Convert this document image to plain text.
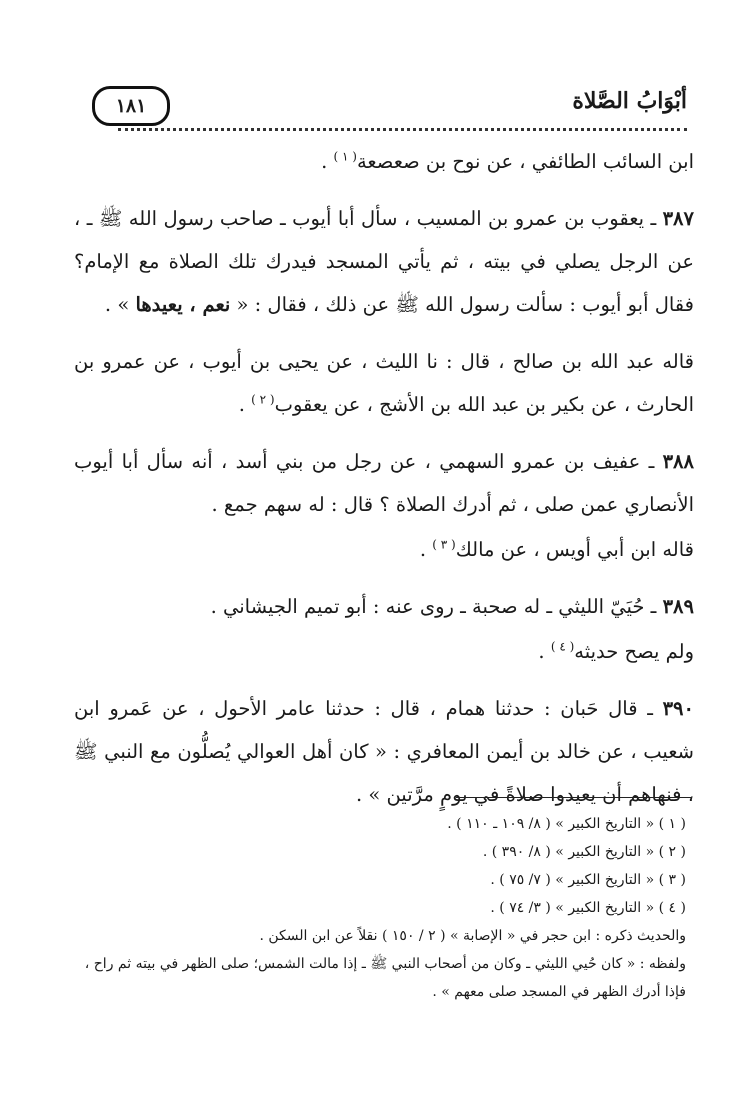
أبْوَابُ الصَّلاة
١٨١

ابن السائب الطائفي ، عن نوح بن صعصعة$^{( ١ )}$ .

٣٨٧ ـ يعقوب بن عمرو بن المسيب ، سأل أبا أيوب ـ صاحب رسول الله ﷺ ـ ، عن الرجل يصلي في بيته ، ثم يأتي المسجد فيدرك تلك الصلاة مع الإمام؟ فقال أبو أيوب : سألت رسول الله ﷺ عن ذلك ، فقال : « نعم ، يعيدها » .

قاله عبد الله بن صالح ، قال : نا الليث ، عن يحيى بن أيوب ، عن عمرو بن الحارث ، عن بكير بن عبد الله بن الأشج ، عن يعقوب$^{( ٢ )}$ .

٣٨٨ ـ عفيف بن عمرو السهمي ، عن رجل من بني أسد ، أنه سأل أبا أيوب الأنصاري عمن صلى ، ثم أدرك الصلاة ؟ قال : له سهم جمع .

قاله ابن أبي أويس ، عن مالك$^{( ٣ )}$ .

٣٨٩ ـ حُيَيّ الليثي ـ له صحبة ـ روى عنه : أبو تميم الجيشاني .

ولم يصح حديثه$^{( ٤ )}$ .

٣٩٠ ـ قال حَبان : حدثنا همام ، قال : حدثنا عامر الأحول ، عن عَمرو ابن شعيب ، عن خالد بن أيمن المعافري : « كان أهل العوالي يُصلُّون مع النبي ﷺ ، فنهاهم أن يعيدوا صلاةً في يومٍ مرَّتين » .

( ١ ) « التاريخ الكبير » ( ٨/ ١٠٩ ـ ١١٠ ) .
( ٢ ) « التاريخ الكبير » ( ٨/ ٣٩٠ ) .
( ٣ ) « التاريخ الكبير » ( ٧/ ٧٥ ) .
( ٤ ) « التاريخ الكبير » ( ٣/ ٧٤ ) .
والحديث ذكره : ابن حجر في « الإصابة » ( ٢ / ١٥٠ ) نقلاً عن ابن السكن .
ولفظه : « كان حُيي الليثي ـ وكان من أصحاب النبي ﷺ ـ إذا مالت الشمس؛ صلى الظهر في بيته ثم راح ، فإذا أدرك الظهر في المسجد صلى معهم » .
